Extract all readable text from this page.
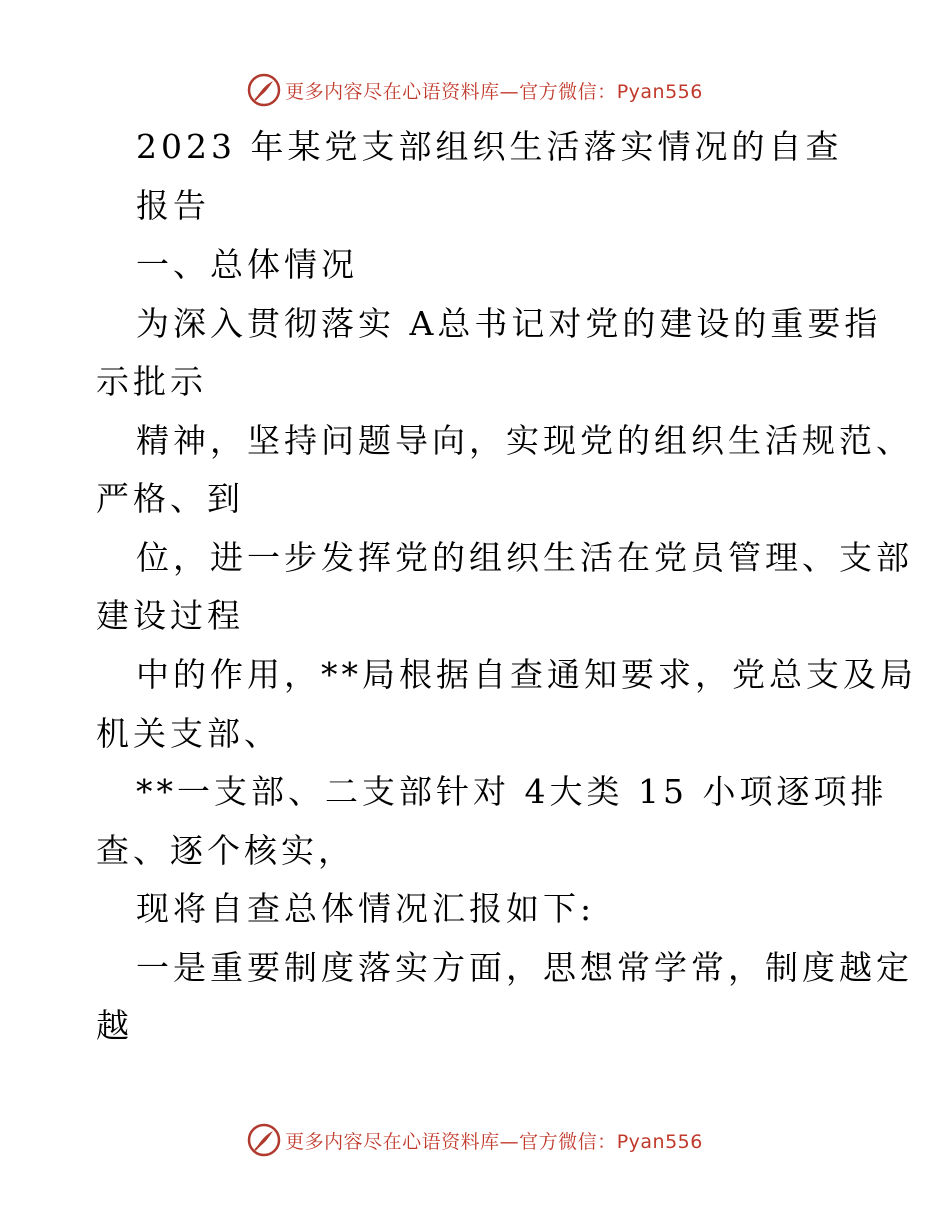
更多内容尽在心语资料库—官方微信：Pyan556
2023 年某党支部组织生活落实情况的自查
报告
一、总体情况
为深入贯彻落实 A总书记对党的建设的重要指
示批示
精神，坚持问题导向，实现党的组织生活规范、
严格、到
位，进一步发挥党的组织生活在党员管理、支部
建设过程
中的作用，**局根据自查通知要求，党总支及局
机关支部、
**一支部、二支部针对 4大类 15 小项逐项排
查、逐个核实，
现将自查总体情况汇报如下:
一是重要制度落实方面，思想常学常，制度越定
越
更多内容尽在心语资料库—官方微信：Pyan556
